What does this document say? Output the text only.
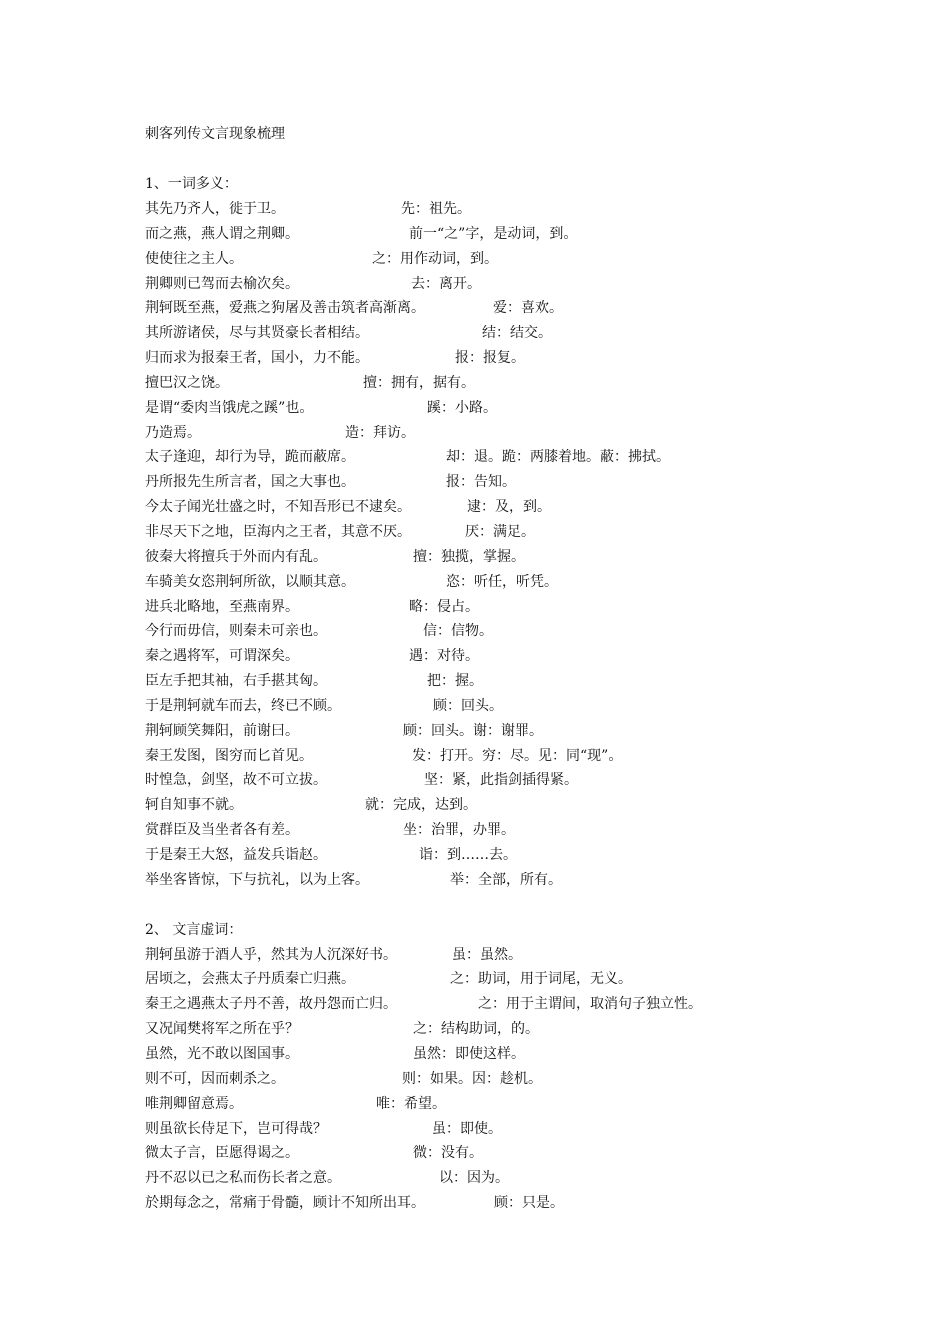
刺客列传文言现象梳理
1、一词多义：
其先乃齐人，徙于卫。	先：祖先。
而之燕，燕人谓之荆卿。	前一“之”字，是动词，到。
使使往之主人。	之：用作动词，到。
荆卿则已驾而去榆次矣。	去：离开。
荆轲既至燕，爱燕之狗屠及善击筑者高渐离。	爱：喜欢。
其所游诸侯，尽与其贤豪长者相结。	结：结交。
归而求为报秦王者，国小，力不能。	报：报复。
擅巴汉之饶。	擅：拥有，据有。
是谓“委肉当饿虎之蹊”也。	蹊：小路。
乃造焉。	造：拜访。
太子逢迎，却行为导，跪而蔽席。	却：退。跪：两膝着地。蔽：拂拭。
丹所报先生所言者，国之大事也。	报：告知。
今太子闻光壮盛之时，不知吾形已不逮矣。	逮：及，到。
非尽天下之地，臣海内之王者，其意不厌。	厌：满足。
彼秦大将擅兵于外而内有乱。	擅：独揽，掌握。
车骑美女恣荆轲所欲，以顺其意。	恣：听任，听凭。
进兵北略地，至燕南界。	略：侵占。
今行而毋信，则秦未可亲也。	信：信物。
秦之遇将军，可谓深矣。	遇：对待。
臣左手把其袖，右手揕其匈。	把：握。
于是荆轲就车而去，终已不顾。	顾：回头。
荆轲顾笑舞阳，前谢曰。	顾：回头。谢：谢罪。
秦王发图，图穷而匕首见。	发：打开。穷：尽。见：同“现”。
时惶急，剑坚，故不可立拔。	坚：紧，此指剑插得紧。
轲自知事不就。	就：完成，达到。
赏群臣及当坐者各有差。	坐：治罪，办罪。
于是秦王大怒，益发兵诣赵。	诣：到……去。
举坐客皆惊，下与抗礼，以为上客。	举：全部，所有。
2、 文言虚词：
荆轲虽游于酒人乎，然其为人沉深好书。	虽：虽然。
居顷之，会燕太子丹质秦亡归燕。	之：助词，用于词尾，无义。
秦王之遇燕太子丹不善，故丹怨而亡归。	之：用于主谓间，取消句子独立性。
又况闻樊将军之所在乎？	之：结构助词，的。
虽然，光不敢以图国事。	虽然：即使这样。
则不可，因而刺杀之。	则：如果。因：趁机。
唯荆卿留意焉。	唯：希望。
则虽欲长侍足下，岂可得哉？	虽：即使。
微太子言，臣愿得谒之。	微：没有。
丹不忍以已之私而伤长者之意。	以：因为。
於期每念之，常痛于骨髓，顾计不知所出耳。	顾：只是。
